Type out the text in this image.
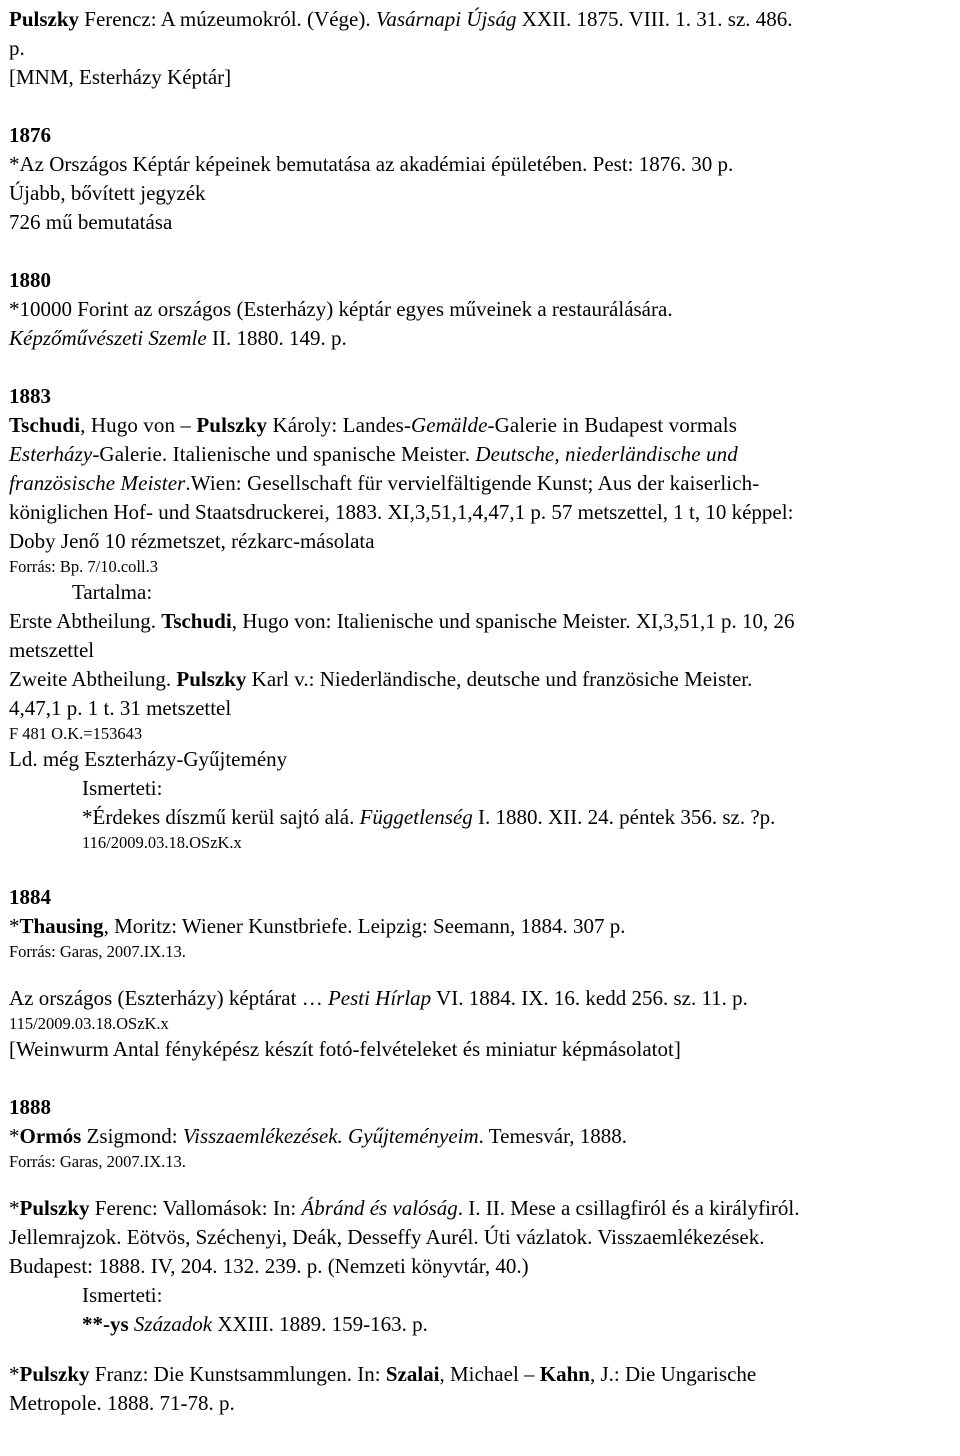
Pulszky Ferencz: A múzeumokról. (Vége). Vasárnapi Újság XXII. 1875. VIII. 1. 31. sz. 486.
p.
[MNM, Esterházy Képtár]
1876
*Az Országos Képtár képeinek bemutatása az akadémiai épületében. Pest: 1876. 30 p.
Újabb, bővített jegyzék
726 mű bemutatása
1880
*10000 Forint az országos (Esterházy) képtár egyes műveinek a restaurálására.
Képzőművészeti Szemle II. 1880. 149. p.
1883
Tschudi, Hugo von – Pulszky Károly: Landes-Gemälde-Galerie in Budapest vormals
Esterházy-Galerie. Italienische und spanische Meister. Deutsche, niederländische und
französische Meister.Wien: Gesellschaft für vervielfältigende Kunst; Aus der kaiserlich-
königlichen Hof- und Staatsdruckerei, 1883. XI,3,51,1,4,47,1 p. 57 metszettel, 1 t, 10 képpel:
Doby Jenő 10 rézmetszet, rézkarc-másolata
Forrás: Bp. 7/10.coll.3
Tartalma:
Erste Abtheilung. Tschudi, Hugo von: Italienische und spanische Meister. XI,3,51,1 p. 10, 26
metszettel
Zweite Abtheilung. Pulszky Karl v.: Niederländische, deutsche und französiche Meister.
4,47,1 p. 1 t. 31 metszettel
F 481 O.K.=153643
Ld. még Eszterházy-Gyűjtemény
Ismerteti:
*Érdekes díszmű kerül sajtó alá. Függetlenség I. 1880. XII. 24. péntek 356. sz. ?p.
116/2009.03.18.OSzK.x
1884
*Thausing, Moritz: Wiener Kunstbriefe. Leipzig: Seemann, 1884. 307 p.
Forrás: Garas, 2007.IX.13.
Az országos (Eszterházy) képtárat … Pesti Hírlap VI. 1884. IX. 16. kedd 256. sz. 11. p.
115/2009.03.18.OSzK.x
[Weinwurm Antal fényképész készít fotó-felvételeket és miniatur képmásolatot]
1888
*Ormós Zsigmond: Visszaemlékezések. Gyűjteményeim. Temesvár, 1888.
Forrás: Garas, 2007.IX.13.
*Pulszky Ferenc: Vallomások: In: Ábránd és valóság. I. II. Mese a csillagfiról és a királyfiról.
Jellemrajzok. Eötvös, Széchenyi, Deák, Desseffy Aurél. Úti vázlatok. Visszaemlékezések.
Budapest: 1888. IV, 204. 132. 239. p. (Nemzeti könyvtár, 40.)
Ismerteti:
**-ys Századok XXIII. 1889. 159-163. p.
*Pulszky Franz: Die Kunstsammlungen. In: Szalai, Michael – Kahn, J.: Die Ungarische
Metropole. 1888. 71-78. p.
